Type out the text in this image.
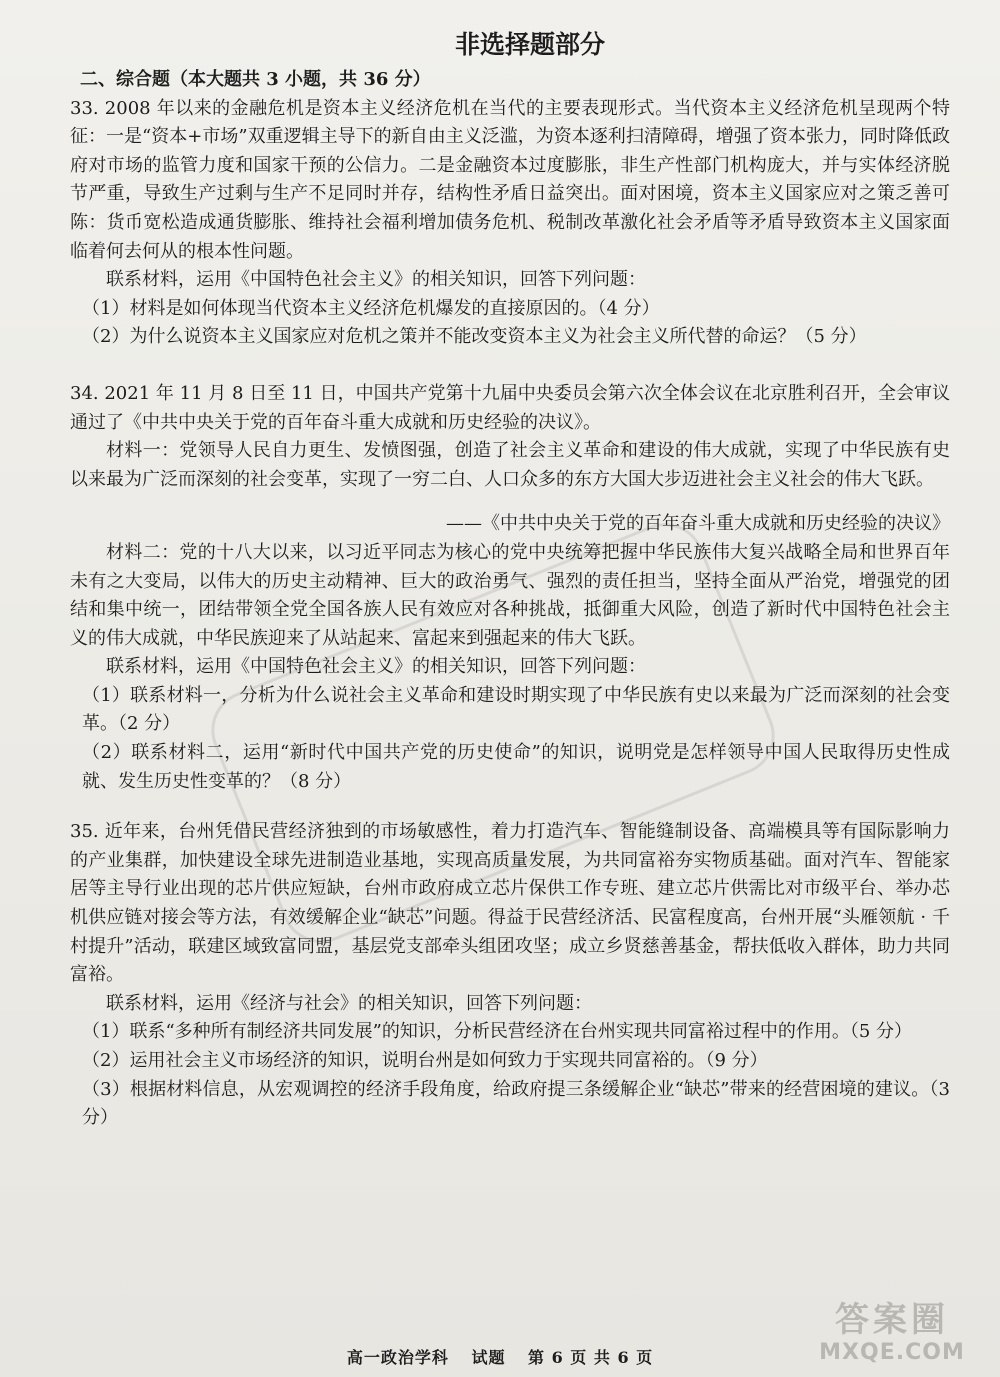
非选择题部分
二、综合题（本大题共 3 小题，共 36 分）

33. 2008 年以来的金融危机是资本主义经济危机在当代的主要表现形式。当代资本主义经济危机呈现两个特征：一是“资本+市场”双重逻辑主导下的新自由主义泛滥，为资本逐利扫清障碍，增强了资本张力，同时降低政府对市场的监管力度和国家干预的公信力。二是金融资本过度膨胀，非生产性部门机构庞大，并与实体经济脱节严重，导致生产过剩与生产不足同时并存，结构性矛盾日益突出。面对困境，资本主义国家应对之策乏善可陈：货币宽松造成通货膨胀、维持社会福利增加债务危机、税制改革激化社会矛盾等矛盾导致资本主义国家面临着何去何从的根本性问题。

联系材料，运用《中国特色社会主义》的相关知识，回答下列问题：

（1）材料是如何体现当代资本主义经济危机爆发的直接原因的。（4 分）

（2）为什么说资本主义国家应对危机之策并不能改变资本主义为社会主义所代替的命运？（5 分）

34. 2021 年 11 月 8 日至 11 日，中国共产党第十九届中央委员会第六次全体会议在北京胜利召开，全会审议通过了《中共中央关于党的百年奋斗重大成就和历史经验的决议》。

材料一：党领导人民自力更生、发愤图强，创造了社会主义革命和建设的伟大成就，实现了中华民族有史以来最为广泛而深刻的社会变革，实现了一穷二白、人口众多的东方大国大步迈进社会主义社会的伟大飞跃。

——《中共中央关于党的百年奋斗重大成就和历史经验的决议》

材料二：党的十八大以来，以习近平同志为核心的党中央统筹把握中华民族伟大复兴战略全局和世界百年未有之大变局，以伟大的历史主动精神、巨大的政治勇气、强烈的责任担当，坚持全面从严治党，增强党的团结和集中统一，团结带领全党全国各族人民有效应对各种挑战，抵御重大风险，创造了新时代中国特色社会主义的伟大成就，中华民族迎来了从站起来、富起来到强起来的伟大飞跃。

联系材料，运用《中国特色社会主义》的相关知识，回答下列问题：

（1）联系材料一，分析为什么说社会主义革命和建设时期实现了中华民族有史以来最为广泛而深刻的社会变革。（2 分）

（2）联系材料二，运用“新时代中国共产党的历史使命”的知识，说明党是怎样领导中国人民取得历史性成就、发生历史性变革的？（8 分）

35. 近年来，台州凭借民营经济独到的市场敏感性，着力打造汽车、智能缝制设备、高端模具等有国际影响力的产业集群，加快建设全球先进制造业基地，实现高质量发展，为共同富裕夯实物质基础。面对汽车、智能家居等主导行业出现的芯片供应短缺，台州市政府成立芯片保供工作专班、建立芯片供需比对市级平台、举办芯机供应链对接会等方法，有效缓解企业“缺芯”问题。得益于民营经济活、民富程度高，台州开展“头雁领航 · 千村提升”活动，联建区域致富同盟，基层党支部牵头组团攻坚；成立乡贤慈善基金，帮扶低收入群体，助力共同富裕。

联系材料，运用《经济与社会》的相关知识，回答下列问题：

（1）联系“多种所有制经济共同发展”的知识，分析民营经济在台州实现共同富裕过程中的作用。（5 分）

（2）运用社会主义市场经济的知识，说明台州是如何致力于实现共同富裕的。（9 分）

（3）根据材料信息，从宏观调控的经济手段角度，给政府提三条缓解企业“缺芯”带来的经营困境的建议。（3 分）

高一政治学科 试题 第 6 页 共 6 页
答案圈
MXQE.COM
